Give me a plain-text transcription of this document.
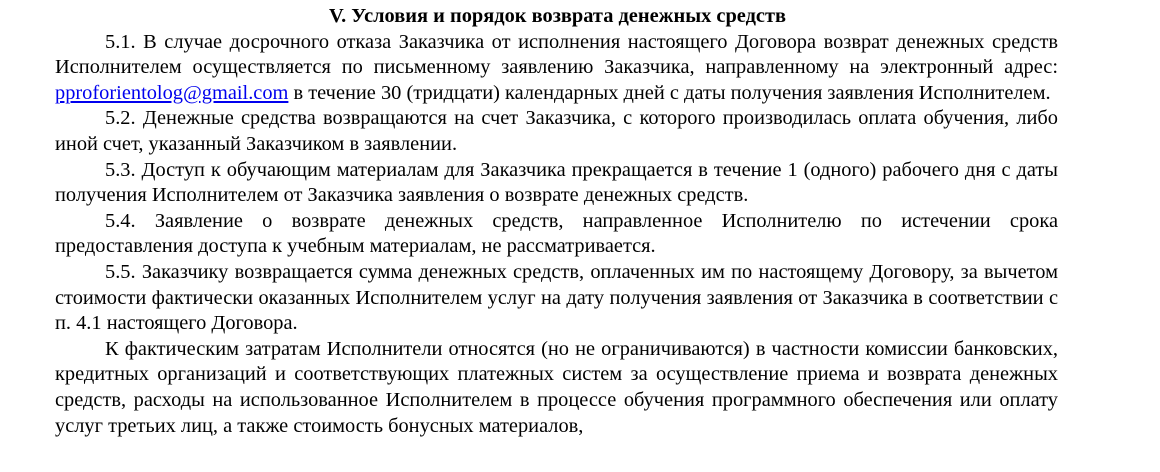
V. Условия и порядок возврата денежных средств

5.1. В случае досрочного отказа Заказчика от исполнения настоящего Договора возврат денежных средств Исполнителем осуществляется по письменному заявлению Заказчика, направленному на электронный адрес: pproforientolog@gmail.com в течение 30 (тридцати) календарных дней с даты получения заявления Исполнителем.

5.2. Денежные средства возвращаются на счет Заказчика, с которого производилась оплата обучения, либо иной счет, указанный Заказчиком в заявлении.

5.3. Доступ к обучающим материалам для Заказчика прекращается в течение 1 (одного) рабочего дня с даты получения Исполнителем от Заказчика заявления о возврате денежных средств.

5.4. Заявление о возврате денежных средств, направленное Исполнителю по истечении срока предоставления доступа к учебным материалам, не рассматривается.

5.5. Заказчику возвращается сумма денежных средств, оплаченных им по настоящему Договору, за вычетом стоимости фактически оказанных Исполнителем услуг на дату получения заявления от Заказчика в соответствии с п. 4.1 настоящего Договора.

К фактическим затратам Исполнители относятся (но не ограничиваются) в частности комиссии банковских, кредитных организаций и соответствующих платежных систем за осуществление приема и возврата денежных средств, расходы на использованное Исполнителем в процессе обучения программного обеспечения или оплату услуг третьих лиц, а также стоимость бонусных материалов,
